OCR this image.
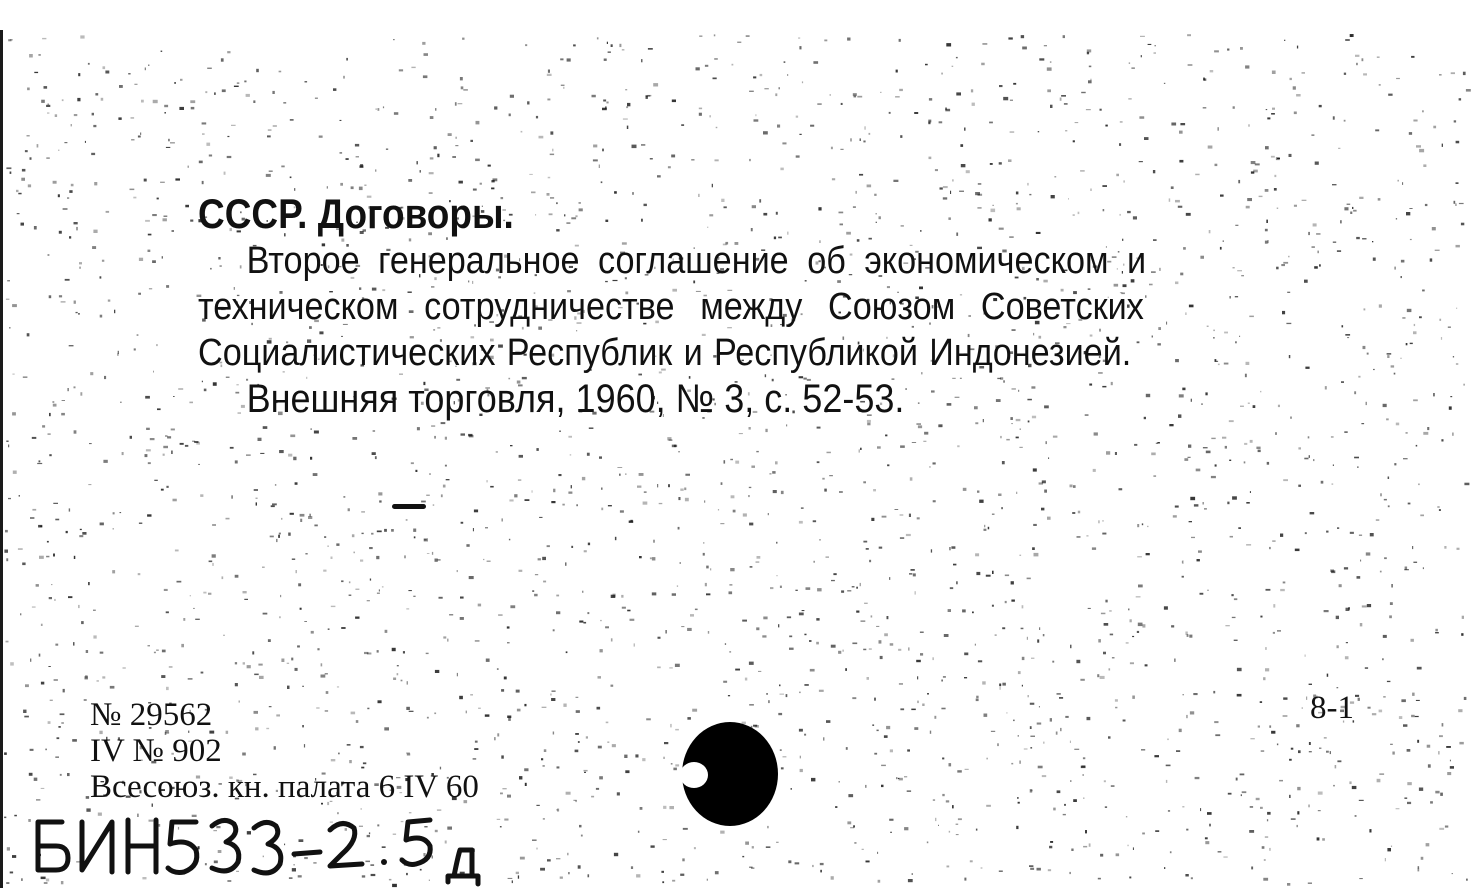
СССР. Договоры.
Второе генеральное соглашение об экономическом и
техническом сотрудничестве между Союзом Советских
Социалистических Республик и Республикой Индонезией.
Внешняя торговля, 1960, № 3, с. 52-53.
№ 29562
IV № 902
Всесоюз. кн. палата 6 IV 60
8-1
